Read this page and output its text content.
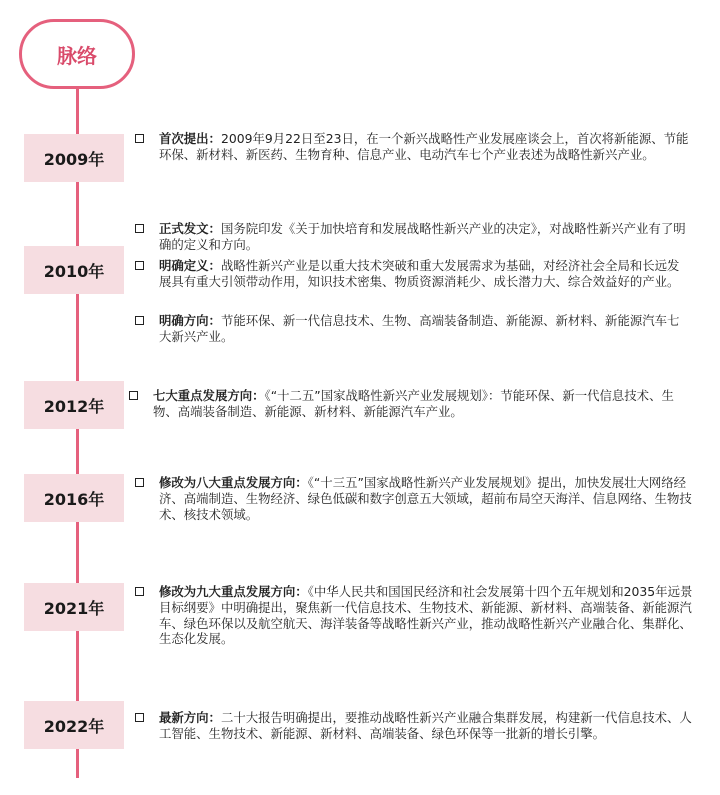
脉络
2009年
首次提出：2009年9月22日至23日，在一个新兴战略性产业发展座谈会上，首次将新能源、节能环保、新材料、新医药、生物育种、信息产业、电动汽车七个产业表述为战略性新兴产业。
2010年
正式发文：国务院印发《关于加快培育和发展战略性新兴产业的决定》，对战略性新兴产业有了明确的定义和方向。
明确定义：战略性新兴产业是以重大技术突破和重大发展需求为基础，对经济社会全局和长远发展具有重大引领带动作用，知识技术密集、物质资源消耗少、成长潜力大、综合效益好的产业。
明确方向：节能环保、新一代信息技术、生物、高端装备制造、新能源、新材料、新能源汽车七大新兴产业。
2012年
七大重点发展方向：《“十二五”国家战略性新兴产业发展规划》：节能环保、新一代信息技术、生物、高端装备制造、新能源、新材料、新能源汽车产业。
2016年
修改为八大重点发展方向：《“十三五”国家战略性新兴产业发展规划》提出，加快发展壮大网络经济、高端制造、生物经济、绿色低碳和数字创意五大领域，超前布局空天海洋、信息网络、生物技术、核技术领域。
2021年
修改为九大重点发展方向：《中华人民共和国国民经济和社会发展第十四个五年规划和2035年远景目标纲要》中明确提出，聚焦新一代信息技术、生物技术、新能源、新材料、高端装备、新能源汽车、绿色环保以及航空航天、海洋装备等战略性新兴产业，推动战略性新兴产业融合化、集群化、生态化发展。
2022年	最新方向：二十大报告明确提出，要推动战略性新兴产业融合集群发展，构建新一代信息技术、人工智能、生物技术、新能源、新材料、高端装备、绿色环保等一批新的增长引擎。
